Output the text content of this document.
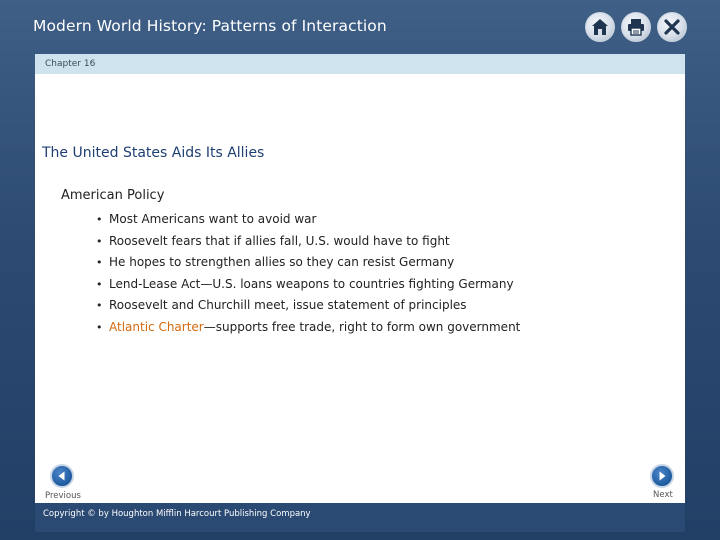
Modern World History: Patterns of Interaction
Chapter 16
The United States Aids Its Allies
American Policy
• Most Americans want to avoid war
• Roosevelt fears that if allies fall, U.S. would have to fight
• He hopes to strengthen allies so they can resist Germany
• Lend-Lease Act—U.S. loans weapons to countries fighting Germany
• Roosevelt and Churchill meet, issue statement of principles
• Atlantic Charter—supports free trade, right to form own government
Previous	Next
Copyright © by Houghton Mifflin Harcourt Publishing Company
